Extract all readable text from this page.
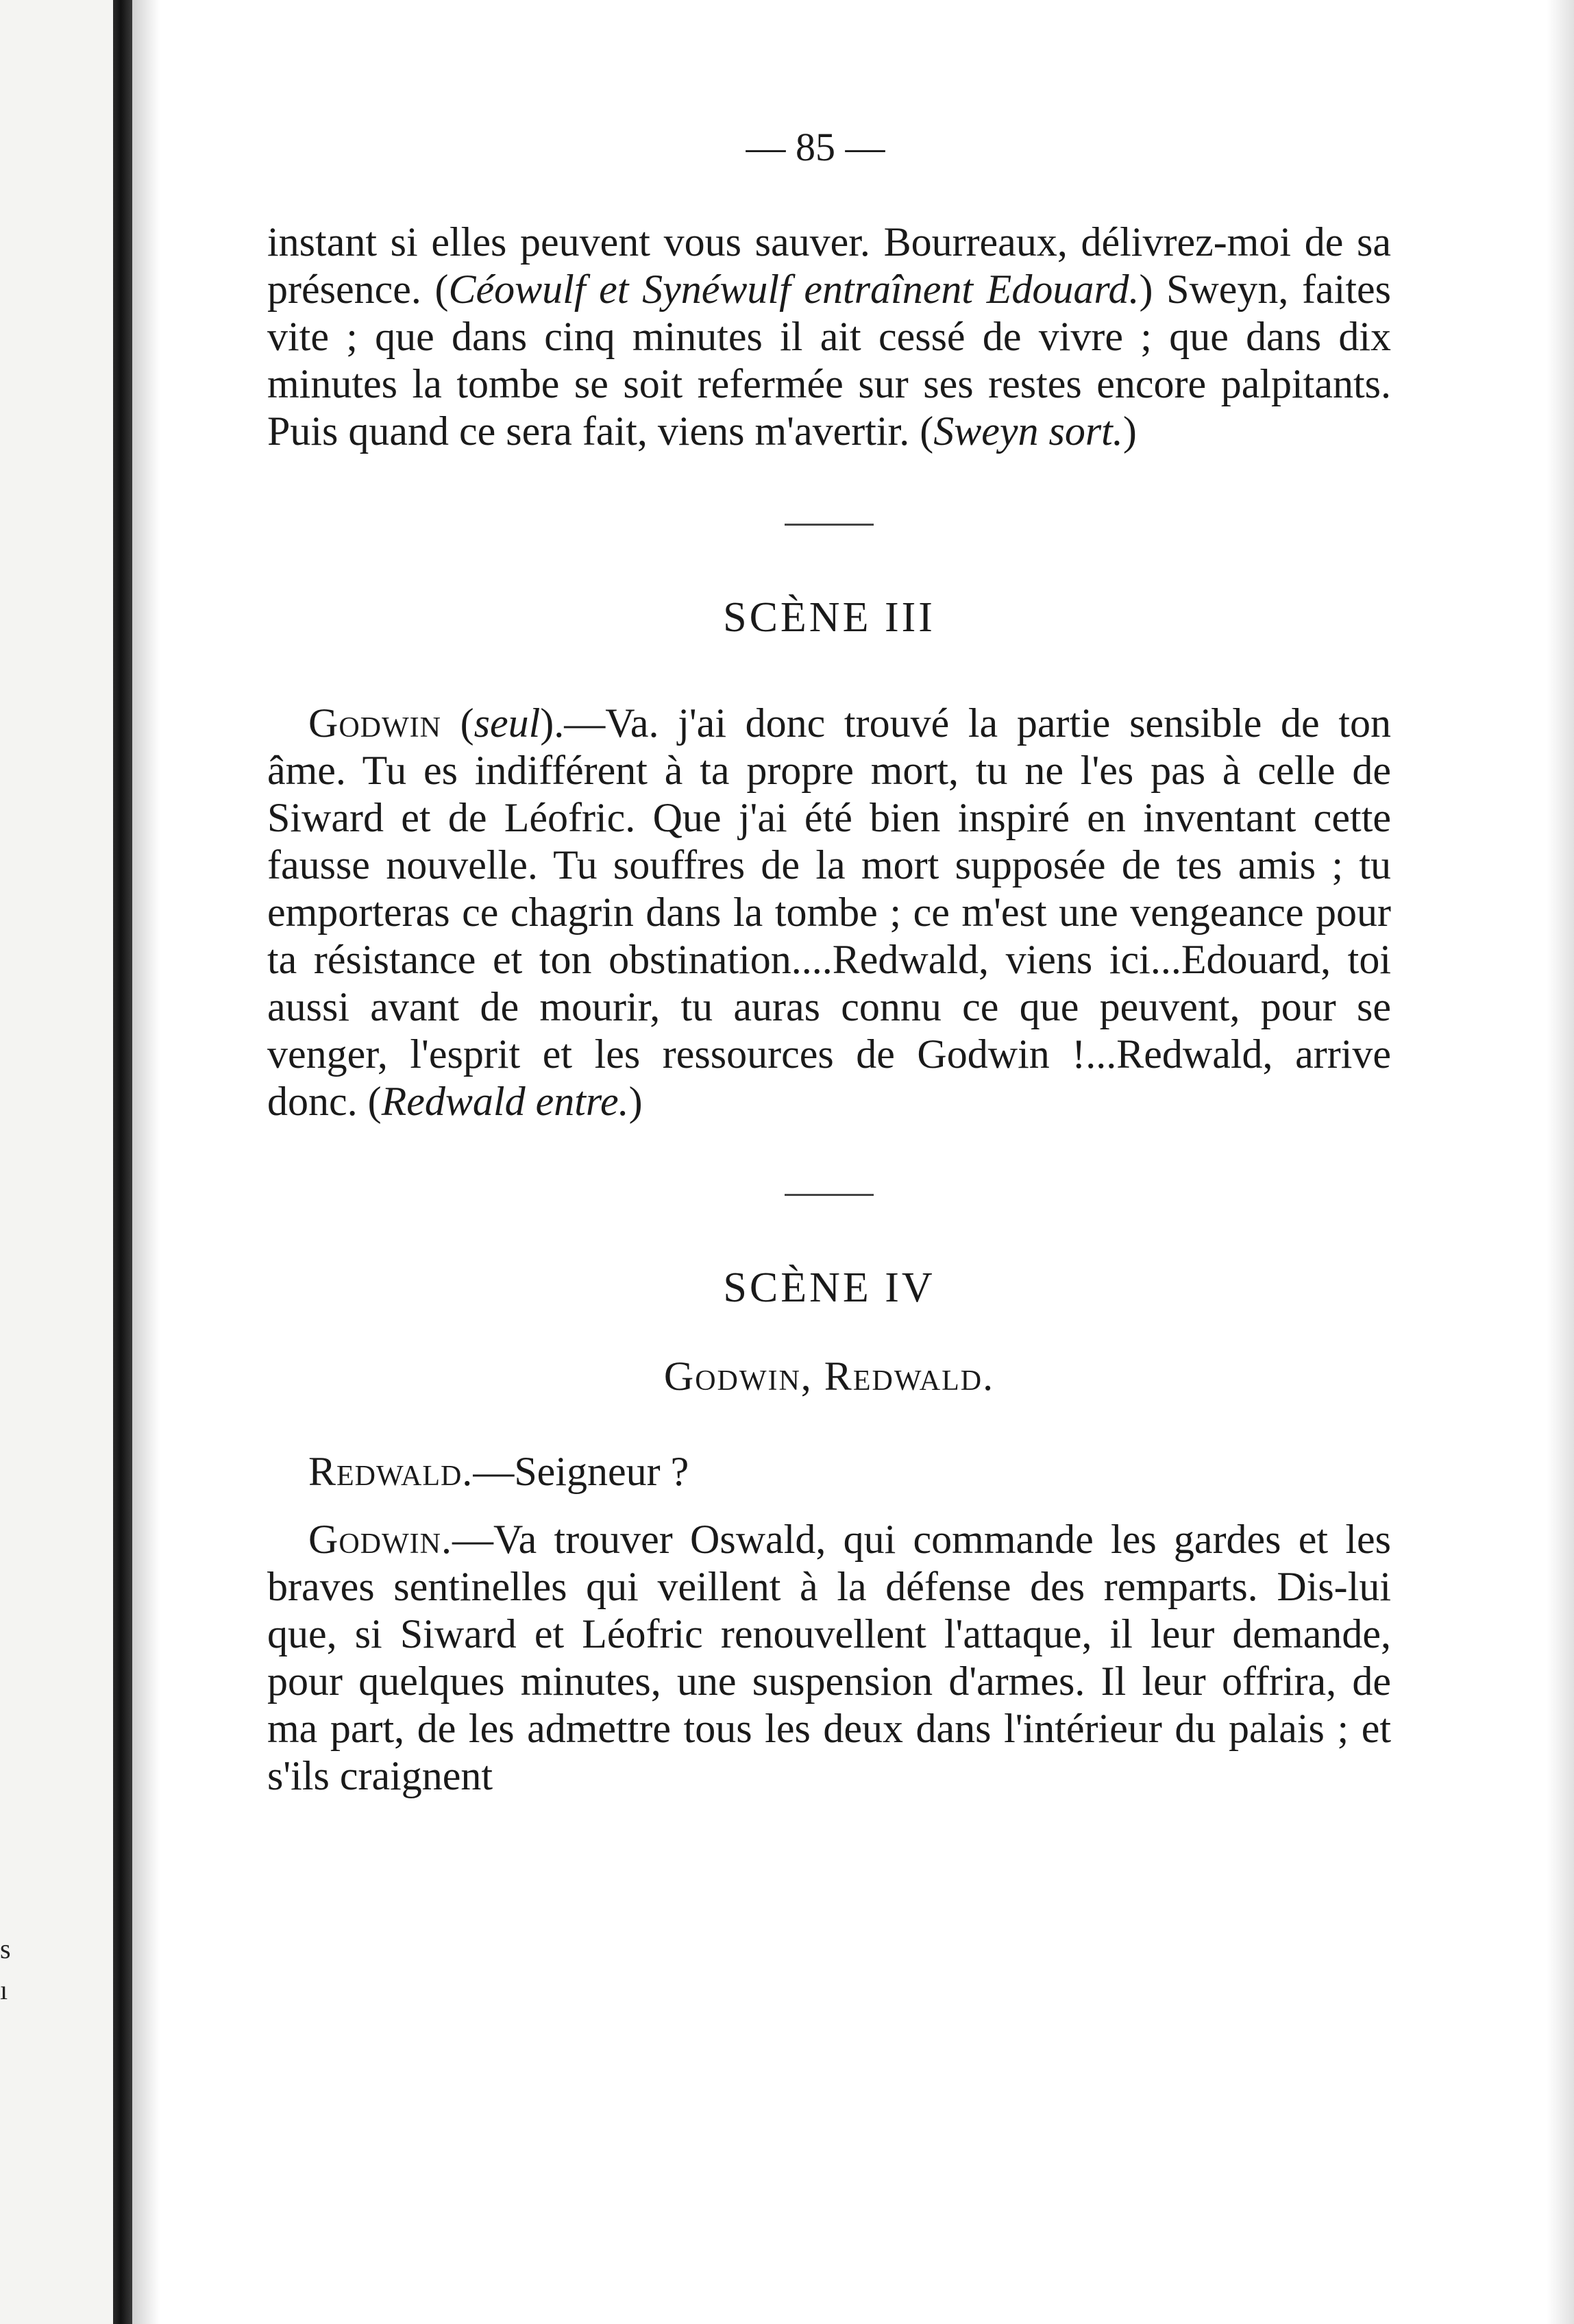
s
ı
— 85 —
instant si elles peuvent vous sauver. Bourreaux, délivrez-moi de sa présence. (Céowulf et Synéwulf entraînent Edouard.) Sweyn, faites vite ; que dans cinq minutes il ait cessé de vivre ; que dans dix minutes la tombe se soit refermée sur ses restes encore palpitants. Puis quand ce sera fait, viens m'avertir. (Sweyn sort.)
SCÈNE III
Godwin (seul).—Va. j'ai donc trouvé la partie sensible de ton âme. Tu es indifférent à ta propre mort, tu ne l'es pas à celle de Siward et de Léofric. Que j'ai été bien inspiré en inventant cette fausse nouvelle. Tu souffres de la mort supposée de tes amis ; tu emporteras ce chagrin dans la tombe ; ce m'est une vengeance pour ta résistance et ton obstination....Redwald, viens ici...Edouard, toi aussi avant de mourir, tu auras connu ce que peuvent, pour se venger, l'esprit et les ressources de Godwin !...Redwald, arrive donc. (Redwald entre.)
SCÈNE IV
Godwin, Redwald.
Redwald.—Seigneur ?
Godwin.—Va trouver Oswald, qui commande les gardes et les braves sentinelles qui veillent à la défense des remparts. Dis-lui que, si Siward et Léofric renouvellent l'attaque, il leur demande, pour quelques minutes, une suspension d'armes. Il leur offrira, de ma part, de les admettre tous les deux dans l'intérieur du palais ; et s'ils craignent
